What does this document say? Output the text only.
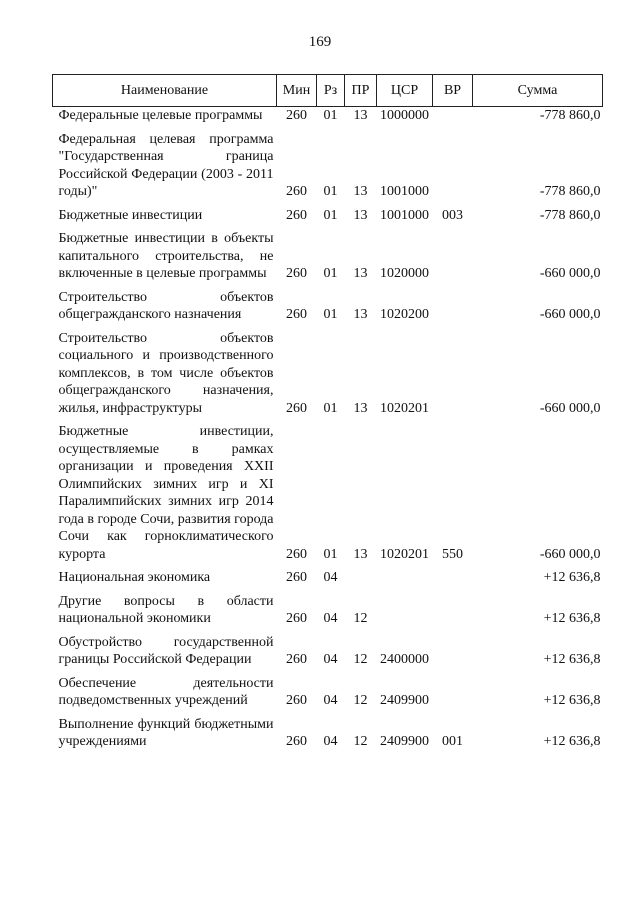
169
Наименование	Мин	Рз	ПР	ЦСР	ВР	Сумма
Федеральные целевые программы	260	01	13	1000000		-778 860,0
Федеральная целевая программа "Государственная граница Российской Федерации (2003 - 2011 годы)"	260	01	13	1001000		-778 860,0
Бюджетные инвестиции	260	01	13	1001000	003	-778 860,0
Бюджетные инвестиции в объекты капитального строительства, не включенные в целевые программы	260	01	13	1020000		-660 000,0
Строительство объектов общегражданского назначения	260	01	13	1020200		-660 000,0
Строительство объектов социального и производственного комплексов, в том числе объектов общегражданского назначения, жилья, инфраструктуры	260	01	13	1020201		-660 000,0
Бюджетные инвестиции, осуществляемые в рамках организации и проведения XXII Олимпийских зимних игр и XI Паралимпийских зимних игр 2014 года в городе Сочи, развития города Сочи как горноклиматического курорта	260	01	13	1020201	550	-660 000,0
Национальная экономика	260	04				+12 636,8
Другие вопросы в области национальной экономики	260	04	12			+12 636,8
Обустройство государственной границы Российской Федерации	260	04	12	2400000		+12 636,8
Обеспечение деятельности подведомственных учреждений	260	04	12	2409900		+12 636,8
Выполнение функций бюджетными учреждениями	260	04	12	2409900	001	+12 636,8
